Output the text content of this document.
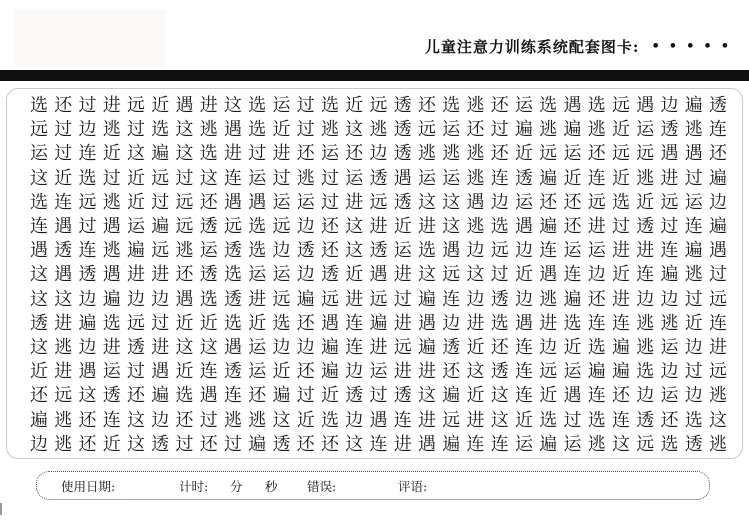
儿童注意力训练系统配套图卡: •••••
选 还 过 进 远 近 遇 进 这 选 运 过 选 近 远 透 还 选 逃 还 运 选 遇 选 远 遇 边 遍 透
远 过 边 逃 过 选 这 逃 遇 选 近 过 逃 这 逃 透 远 运 还 过 遍 逃 遍 逃 近 运 透 逃 连
运 过 连 近 这 遍 这 选 进 过 进 还 运 还 边 透 逃 逃 逃 还 近 远 运 还 远 远 遇 遇 还
这 近 选 过 近 远 过 这 连 运 过 逃 过 运 透 遇 运 运 逃 连 透 遍 近 连 近 逃 进 过 遍
选 连 远 逃 近 过 远 还 遇 遇 运 运 过 进 远 透 这 这 遇 边 运 还 还 远 选 近 远 运 边
连 遇 过 遇 运 遍 远 透 远 选 远 边 还 这 进 近 进 这 逃 选 遇 遍 还 进 过 透 过 连 遍
遇 透 连 逃 遍 远 逃 运 透 选 边 透 还 这 透 运 选 遇 边 远 边 连 运 运 进 进 连 遍 遇
这 遇 透 遇 进 进 还 透 选 运 运 边 透 近 遇 进 这 远 这 过 近 遇 连 边 近 连 遍 逃 过
这 这 边 遍 边 边 遇 选 透 进 远 遍 远 进 远 过 遍 连 边 透 边 逃 遍 还 进 边 边 过 远
透 进 遍 选 远 过 近 近 选 近 选 还 遇 连 遍 进 遇 边 进 选 遇 进 选 连 连 逃 逃 近 连
这 逃 边 进 透 进 这 这 遇 运 边 边 遍 连 进 远 遍 透 近 还 连 边 近 选 遍 逃 运 边 进
近 进 遇 运 过 遇 近 连 透 运 近 还 遍 边 运 进 进 还 这 透 连 远 运 遍 遍 选 边 过 远
还 远 这 透 还 遍 选 遇 连 还 遍 过 近 透 过 透 这 遍 近 这 连 近 遇 连 还 边 运 边 逃
遍 逃 还 连 这 边 还 过 逃 逃 这 近 选 边 遇 连 进 远 进 这 近 选 过 选 连 透 还 选 这
边 逃 还 近 这 透 过 还 过 遍 透 还 还 这 连 进 遇 遍 连 连 运 遍 运 逃 这 远 选 透 逃
使用日期:	计时: 分 秒 错误:	评语:
